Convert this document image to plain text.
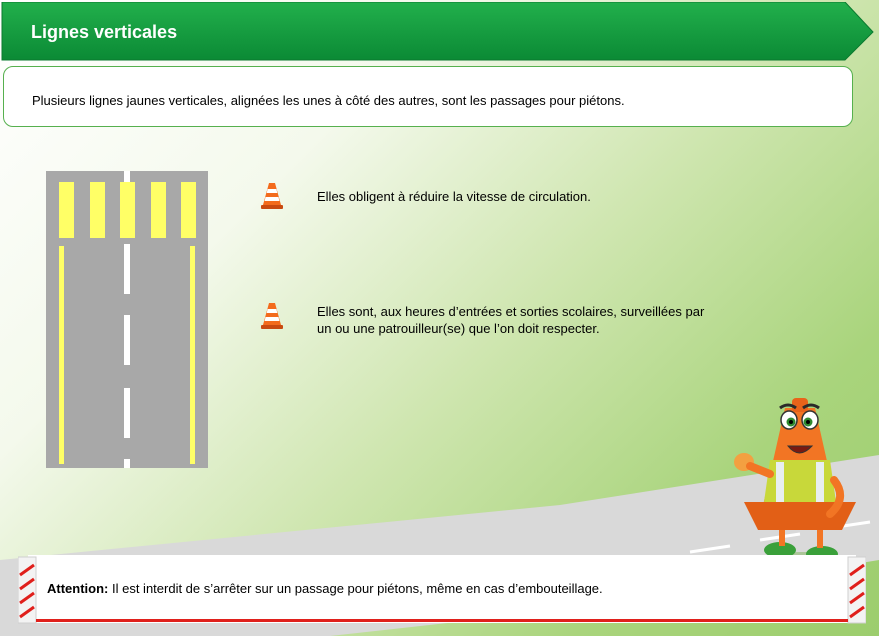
Lignes verticales
Plusieurs lignes jaunes verticales, alignées les unes à côté des autres, sont les passages pour piétons.
Elles obligent à réduire la vitesse de circulation.
Elles sont, aux heures d’entrées et sorties scolaires, surveillées par
un ou une patrouilleur(se) que l’on doit respecter.
Attention: Il est interdit de s’arrêter sur un passage pour piétons, même en cas d’embouteillage.
